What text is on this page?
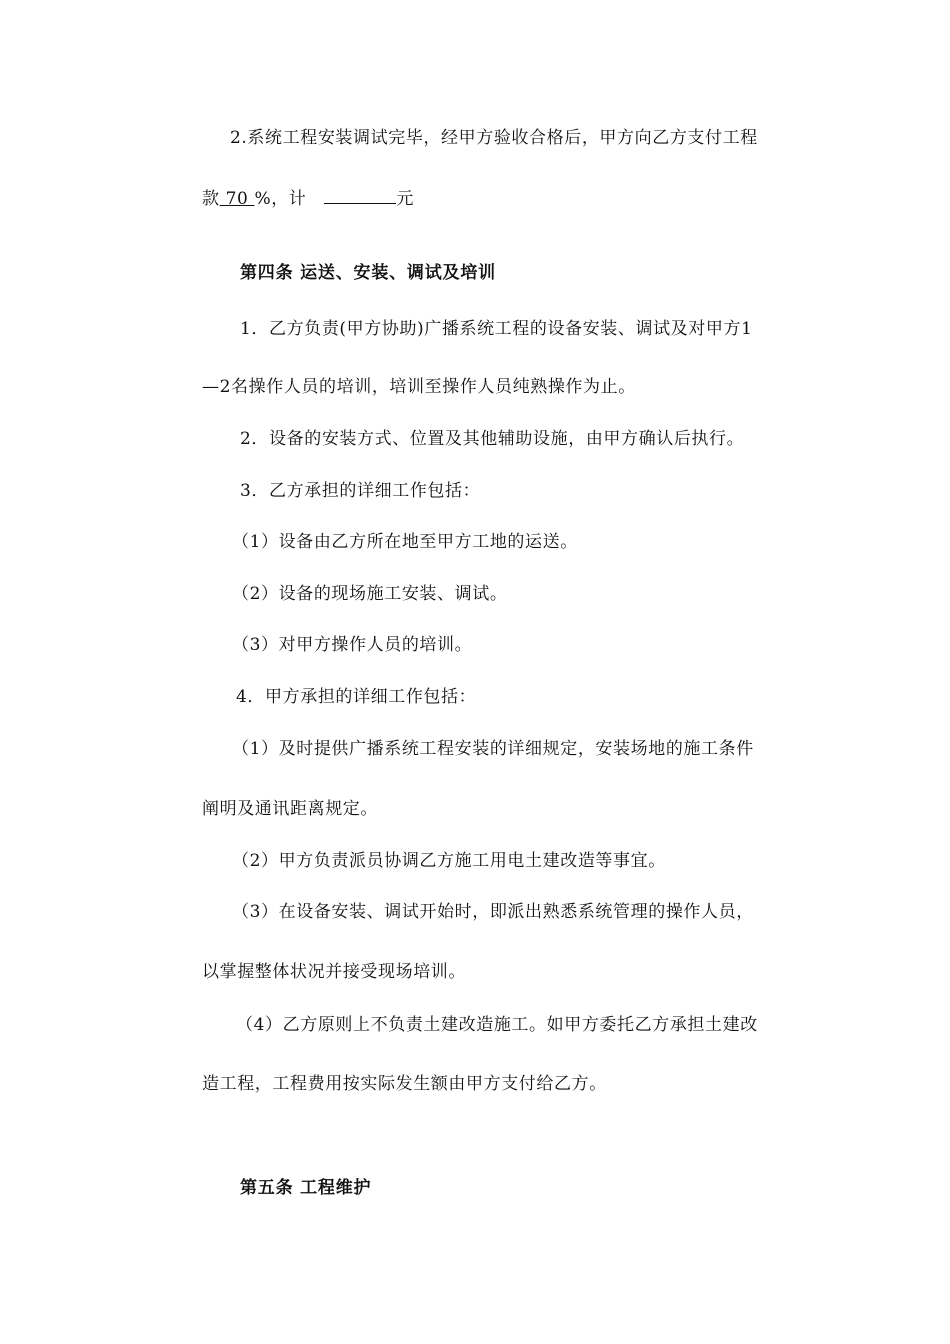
2.系统工程安装调试完毕，经甲方验收合格后，甲方向乙方支付工程
款 70 %，计	元
第四条 运送、安装、调试及培训
1．乙方负责(甲方协助)广播系统工程的设备安装、调试及对甲方1
—2名操作人员的培训，培训至操作人员纯熟操作为止。
2．设备的安装方式、位置及其他辅助设施，由甲方确认后执行。
3．乙方承担的详细工作包括：
（1）设备由乙方所在地至甲方工地的运送。
（2）设备的现场施工安装、调试。
（3）对甲方操作人员的培训。
4．甲方承担的详细工作包括：
（1）及时提供广播系统工程安装的详细规定，安装场地的施工条件
阐明及通讯距离规定。
（2）甲方负责派员协调乙方施工用电土建改造等事宜。
（3）在设备安装、调试开始时，即派出熟悉系统管理的操作人员，
以掌握整体状况并接受现场培训。
（4）乙方原则上不负责土建改造施工。如甲方委托乙方承担土建改
造工程，工程费用按实际发生额由甲方支付给乙方。
第五条 工程维护
